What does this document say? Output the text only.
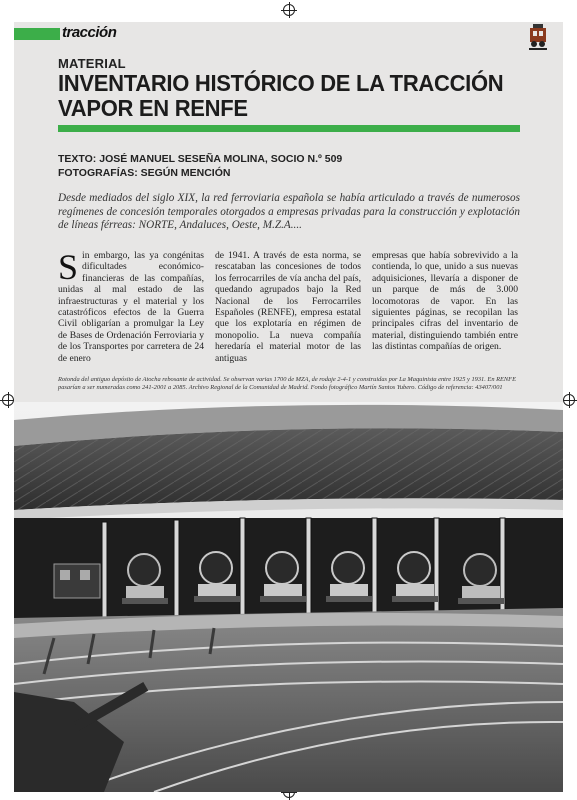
tracción
MATERIAL
INVENTARIO HISTÓRICO DE LA TRACCIÓN VAPOR EN RENFE
TEXTO: JOSÉ MANUEL SESEÑA MOLINA, SOCIO N.º 509
FOTOGRAFÍAS: SEGÚN MENCIÓN
Desde mediados del siglo XIX, la red ferroviaria española se había articulado a través de numerosos regímenes de concesión temporales otorgados a empresas privadas para la construcción y explotación de líneas férreas: NORTE, Andaluces, Oeste, M.Z.A....
Sin embargo, las ya congénitas dificultades económico-financieras de las compañías, unidas al mal estado de las infraestructuras y el material y los catastróficos efectos de la Guerra Civil obligarían a promulgar la Ley de Bases de Ordenación Ferroviaria y de los Transportes por carretera de 24 de enero
de 1941. A través de esta norma, se rescataban las concesiones de todos los ferrocarriles de vía ancha del país, quedando agrupados bajo la Red Nacional de los Ferrocarriles Españoles (RENFE), empresa estatal que los explotaría en régimen de monopolio. La nueva compañía heredaría el material motor de las antiguas
empresas que había sobrevivido a la contienda, lo que, unido a sus nuevas adquisiciones, llevaría a disponer de un parque de más de 3.000 locomotoras de vapor. En las siguientes páginas, se recopilan las principales cifras del inventario de material, distinguiendo también entre las distintas compañías de origen.
Rotonda del antiguo depósito de Atocha rebosante de actividad. Se observan varias 1700 de MZA, de rodaje 2-4-1 y construidas por La Maquinista entre 1925 y 1931. En RENFE pasarían a ser numeradas como 241-2001 a 2085. Archivo Regional de la Comunidad de Madrid. Fondo fotográfico Martín Santos Yubero. Código de referencia: 43407/001
